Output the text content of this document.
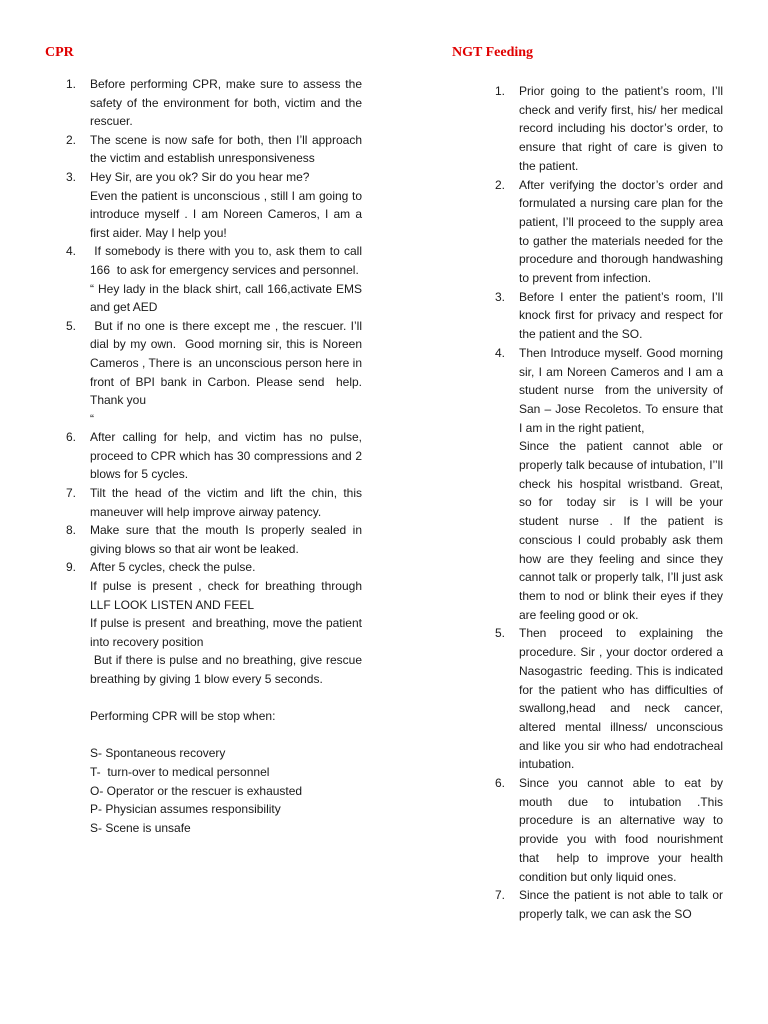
CPR	NGT Feeding
1. Before performing CPR, make sure to assess the safety of the environment for both, victim and the rescuer.
2. The scene is now safe for both, then I’ll approach the victim and establish unresponsiveness
3. Hey Sir, are you ok? Sir do you hear me?
Even the patient is unconscious , still I am going to introduce myself . I am Noreen Cameros, I am a first aider. May I help you!
4. If somebody is there with you to, ask them to call 166  to ask for emergency services and personnel.
“ Hey lady in the black shirt, call 166,activate EMS  and get AED
5. But if no one is there except me , the rescuer. I’ll dial by my own.  Good morning sir, this is Noreen Cameros , There is  an unconscious person here in  front of BPI bank in Carbon. Please send  help. Thank you
“
6. After calling for help, and victim has no pulse, proceed to CPR which has 30 compressions and 2 blows for 5 cycles.
7. Tilt the head of the victim and lift the chin, this maneuver will help improve airway patency.
8. Make sure that the mouth Is properly sealed in giving blows so that air wont be leaked.
9. After 5 cycles, check the pulse.
If pulse is present , check for breathing through LLF LOOK LISTEN AND FEEL
If pulse is present  and breathing, move the patient into recovery position
But if there is pulse and no breathing, give rescue breathing by giving 1 blow every 5 seconds.

Performing CPR will be stop when:

S- Spontaneous recovery
T-  turn-over to medical personnel
O- Operator or the rescuer is exhausted
P- Physician assumes responsibility
S- Scene is unsafe
1. Prior going to the patient’s room, I’ll check and verify first, his/ her medical record including his doctor’s order, to ensure that right of care is given to the patient.
2. After verifying the doctor’s order and formulated a nursing care plan for the patient, I’ll proceed to the supply area to gather the materials needed for the procedure and thorough handwashing to prevent from infection.
3. Before I enter the patient’s room, I’ll knock first for privacy and respect for the patient and the SO.
4. Then Introduce myself. Good morning sir, I am Noreen Cameros and I am a student nurse  from the university of  San – Jose Recoletos. To ensure that I am in the right patient,
Since the patient cannot able or properly talk because of intubation, I’’ll check his hospital wristband. Great, so for  today sir  is I will be your student nurse . If the patient is conscious I could probably ask them how are they feeling and since they cannot talk or properly talk, I’ll just ask them to nod or blink their eyes if they are feeling good or ok.
5. Then proceed to explaining the procedure. Sir , your doctor ordered a Nasogastric  feeding. This is indicated for the patient who has difficulties of swallong,head and neck cancer, altered mental illness/ unconscious and like you sir who had endotracheal intubation.
6. Since you cannot able to eat by mouth due to intubation .This procedure is an alternative way to provide you with food nourishment that  help to improve your health condition but only liquid ones.
7. Since the patient is not able to talk or properly talk, we can ask the SO
